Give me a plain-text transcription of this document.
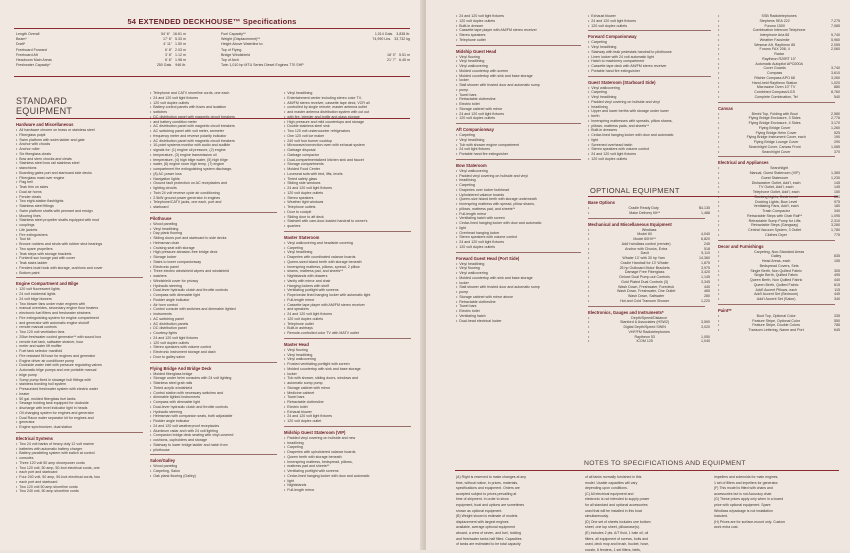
54 EXTENDED DECKHOUSE™ Specifications
Length Overall	54' 6" 16.61 m
Beam*	17' 6" 5.33 m
Draft*	4' 11" 1.50 m
Freeboard Forward	6' 8" 2.03 m
Freeboard Aft	3' 8" 1.12 m
Headroom Main Areas	6' 6" 1.98 m
Freshwater Capacity*	250 Gals. 946 ltr.
Fuel Capacity**	1,014 Gals. 3,838 ltr.
Weight (Displacement)**	74,990 Lbs. 33,732 kg
Height Above Waterline to:

Top of Flying

Bridge Windshield	18' 0" 5.51 m
Top of Arch	21' 7" 6.45 m
Twin 1,010 hp MTU Series Diesel Engines 770 SHP

STANDARD
EQUIPMENT
Hardware and Miscellaneous
• All hardware chrome on brass or stainless steel
• Fiberglass pulpit
• Swim platform with swim ladder and gate
• Anchor with chocks
• Anchor roller
• Six fiberglass cleats
• Bow and stern chocks and cleats
• Stainless steel bow rail stainless steel
• stanchions
• Boarding gates port and starboard side decks
• Fiberglass mast over engine
• Flag bell
• Teak trim on sides
• Dual air horns
• Fender cleats
• Two eight-station flashlights
• Stainless steel fittings
• Swim platform shafts with pennant and ensign
• Mooring lines
• Stainless steel propeller shafts equipped with mud
• couplings
• Life jackets
• Fire extinguishers
• Tool kit
• Bronze rudders and struts with rubber strut bearings
• Two spare propellers
• Teak steps with storage brackets
• Fonterdi sun lounge pad with cover
• Teak stairs ladder
• Fenders boat hook with storage, cushions and cover
• Bottom paint
Engine Compartment and Bilge
• 120 volt fluorescent lights
• 24 volt incidental lights
• 24 volt bilge blowers
• Two blower fans under main engines with
• manual overrides, secondary engine floor heaters
• electronic fuel filters and freshwater strainers
• Fire extinguishing system for engine compartment
• and generator with automatic engine shutoff
• remote manual controls
• Two 120 volt ventilation fans
• 20kw freshwater cooled generator** with sound box
• remote fuel tank, saltwater strainer, hour
• meter and water lift muffler
• Fuel tank selector manifold
• Fire resistant fill hose for engines and generator
• Engine driver air conditioner pump
• Dockside water inlet with pressure regulating valves
• Automatic bilge pumps and one portable manual
• bilge pump
• Sump pump fixed in stowage hull fittings with
• stainless bonding hull system
• Pressurized freshwater system with electric water
• heater
• 50 gal. molded fiberglass fuel tanks
• Sewage holding tank equipped for dockside
• discharge with level indicator light in heads
• Oil changing system for engines and generator
• Dual Racor water separator kit for engines and
• generator
• Engine synchronizer, dual station
Electrical Systems
• Two 24 volt banks of heavy duty 12 volt marine
• batteries with automatic battery charger
• Battery paralleling system with switch at control
• consoles
• Three 120 volt 50 amp shorepower cords
• Two 120 volt, 50 amp, 50-foot electrical cords, one
• each port and starboard
• Four 240 volt, 50 amp, 50-foot electrical cords, two
• each port and starboard
• Two 120 volt 50 amp shoreline cords
• Two 240 volt, 50 amp shoreline cords
• Telephone and CATV shoreline cords, one each
• 24 and 120 volt light fixtures
• 120 volt duplex outlets
• Battery control panels with fuses and isolation
• switches
• DC distribution panel with magnetic circuit breakers
• and battery condition meter
• AC distribution panel with magnetic circuit breakers
• AC switching panel with volt meter, ammeter
• frequency meter and reverse polarity indicator
• AC distribution panel with magnetic circuit breakers
• 10-point systems monitor with audio and audible
• signals for: (1) engine oil pressure, (2) engine
• temperature, (3) engine transmission oil
• temperature, (4) high bilge water, (5) high bilge
• water, (6) engine room high temp, (7) engine
• compartment fire extinguishing system discharge,
• (8) AC power loss
• Navigation lights
• Ground fault protection on AC receptacles and
• lighting circuits
• Twin 24 volt reverse cycle air conditioning
• 2.5kW ground power generator in engines
• Telephone/CATV jacks, one each, port and
• starboard
Pilothouse
• Wood paneling
• Vinyl headlining
• Day plank flooring
• Sliding doors port and starboard to side decks
• Helmsman chair
• Cruising seat with storage
• High pressure abrasion-free bridge deck
• Storage locker
• Stairs to lower companionway
• Electronic panel
• Three electric windshield wipers and windshield
• washers
• Windshield cover for privacy
• Hydraulic steering
• Dual-lever hydraulic clutch and throttle controls
• Compass with dimmable light
• Rudder angle indicator
• Air horn control
• Control console with switches and dimmable lighted
• instruments
• AC switching panel
• AC distribution panels
• DC distribution panel
• Courtesy lights
• 24 and 120 volt light fixtures
• 120 volt duplex outlets
• Stereo speakers with volume control
• Electronic instrument storage and dash
• Door to galley salon
Flying Bridge And Bridge Deck
• Molded fiberglass bridge
• Storage under helm consoles with 24 volt lighting
• Stainless steel grab rails
• Tinted acrylic windshield
• Control station with necessary switches and
• dimmable lighted instruments
• Compass with dimmable light
• Dual-lever hydraulic clutch and throttle controls
• Hydraulic steering
• Helmsman with companion seats, both adjustable
• Rudder angle indicator
• 24 and 120 volt weatherproof receptacles
• Aluminum radar arch with 24 volt lighting
• Companion bridge deck seating with vinyl-covered
• cushions, cupholders and storage
• Stairway to lower bridge ladder and hatch from
• pilothouse
Salon/Galley
• Wood paneling
• Carpeting, Salon
• Oak plank flooring (Galley)
• Vinyl headlining
• Entertainment center including stereo color TV,
• AM/FM stereo receiver, cassette tape deck, VCR all
• controlled by single remote; master antenna outlet
• and master antenna distribution system with cut out
• with fire, bleeder and bottle and glass storage
• High pressure and mild countertops and storage
• Double stainless steel sink
• Two 120 volt undercounter refrigerators
• One 120 volt ice maker
• 240 volt four burner cooktop
• Microwave/convection oven with exhaust system
• Garbage disposal
• Garbage compactor
• Dual-compartmentalized kitchen sink and faucet
• Storage compartments
• Molded Food Center
• Loveseat sofa with bed, lifts, levels
• Tinted safety glass
• Sliding side windows
• 24 and 120 volt light fixtures
• 120 volt duplex outlets
• Stereo speakers
• Weather tight windows
• Telephone outlets
• Door to cockpit
• Sliding door to aft deck
• Stairwell with cam-door-loaded handrail to owner's
• quarters
Master Stateroom
• Vinyl wallcovering and headside covering
• Carpeting
• Vinyl headlining
• Draperies with coordinated valance boards
• Queen-sized island berth with storage beneath
• Innerspring mattress, pillows, spread, 2 pillow
• shams, mattress pad, and sheets**
• Nightstands with drawers
• Vanity with mirror and chair
• Hanging lockers with shelf
• Ventilating portlight with screens
• Rope/cedar lined hanging locker with automatic light
• Full-length mirror
• Cassette tape player with AM/FM stereo receiver
• and speakers
• 24 and 120 volt light fixtures
• 120 volt duplex outlets
• Telephone outlet
• Built-in ashtrays
• Remote-controlled color TV with MATV outlet
Master Head
• Vinyl flooring
• Vinyl headlining
• Vinyl wallcovering
• Frosted ventilating portlight with screen
• Molded countertop with sink and base storage
• locker
• Tub with shower, sliding doors, windows and
• automatic sump pump
• Storage cabinet with mirror
• Medicine cabinet
• Towel bars
• Retractable clothesline
• Electric toilet
• Exhaust blower
• 24 and 120 volt light fixtures
• 120 volt duplex outlet
Midship Guest Stateroom (VIP)
• Padded vinyl covering on hullside and new
• headlining
• Carpeting
• Draperies with upholstered valance boards
• Queen berth with storage beneath
• Innerspring mattress, bedspread, pillows,
• mattress pad and sheets**
• Ventilating portlight with screens
• Cedar-lined hanging locker with door and automatic
• light
• Nightstands
• Full-length mirror
• 24 and 120 volt light fixtures
• 120 volt duplex outlets
• Built-in dresser
• Cassette tape player with AM/FM stereo receiver
• Stereo speakers
• Telephone outlet
Midship Guest Head
• Vinyl flooring
• Vinyl headlining
• Vinyl wallcovering
• Molded countertop with screen
• Molded countertop with sink and base storage
• locker
• Stall shower with frosted door and automatic sump
• pump
• Towel bars
• Retractable clothesline
• Electric toilet
• Storage cabinet with mirror
• 24 and 120 volt light fixtures
• 120 volt duplex outlets
Aft Companionway
• Carpeting
• Vinyl headlining
• Tub with shower engine compartment
• 24 volt light fixtures
• Portable hand fire extinguisher
Bow Stateroom
• Vinyl wallcovering
• Padded vinyl covering on hullside and vinyl
• headlining
• Carpeting
• Draperies over locker bulkhead
• Upholstered valance boards
• Queen-size island berth with storage underneath
• Innerspring mattress with spread, pillow shams,
• pillows, mattress pad, and sheets**
• Full-length mirror
• Ventilating hatch with screen
• Cedar-lined hanging locker with door and automatic
• light
• Overhead hanging locker
• Stereo speakers with volume control
• 24 and 120 volt light fixtures
• 120 volt duplex outlets
Forward Guest Head (Port Side)
• Vinyl headlining
• Vinyl flooring
• Vinyl wallcovering
• Molded countertop with sink and base storage
• locker
• Stall shower with frosted door and automatic sump
• pump
• Storage cabinet with mirror above
• Retractable clothesline
• Towel bars
• Electric toilet
• Ventilating hatch
• Dual-head electrical locker
• Exhaust blower
• 24 and 120 volt light fixtures
• 120 volt duplex outlets
Forward Companionway
• Carpeting
• Vinyl headlining
• Stairway with teak pedestals handrail to pilothouse
• Linen locker with 24 volt automatic light
• Hatch to machinery compartment
• Cassette tape deck with AM/FM stereo receiver
• Portable hand fire extinguisher
Guest Stateroom (Starboard Side)
• Vinyl wallcovering
• Carpeting
• Vinyl headlining
• Padded vinyl covering on hullside and vinyl
• headlining
• Upper and lower berths with storage under lower
• berth
• Innerspring mattresses with spreads, pillow shams,
• pillows, mattress pads, and sheets**
• Built-in dressers
• Cedar-lined hanging locker with door and automatic
• light
• Screened overhead hatch
• Stereo speakers with volume control
• 24 and 120 volt light fixtures
• 120 volt duplex outlets
OPTIONAL EQUIPMENT
Base Options
• Cradle Ready Duty	$4,135
• Make Delivery Kit**	1,488
Mechanical and Miscellaneous Equipment
• Windlass
• Model 60	4,040
• Model 60HV**	6,820
• Add'l windlass control (remote)	245
• Anchor with Chocks, Extra	518
• Davit	5,110
• Whaler 13' with 30 hp Yam	14,360
• Cradle Handrail for 13' Whaler	1,875
• 25 hp Outboard Motor Brackets	3,975
• Damage Free Fiberglass	3,420
• Deluxe Dual Pump-out Controls	1,145
• Gold Plated Dual Controls (3)	3,345
• Wash Down, Freshwater, Foredeck	440
• Wash Down, Freshwater, One Outlet	465
• Wash Down, Saltwater	280
• Hot and Cold Transom Shower	1,220
Electronics, Gauges and Instruments*
• Depth/Speed/Distance
• Stanford & Associates (HSW2)	3,590
• Digital Depth/Speed SWIN	3,020
• VHF/FM Radiotelephones
• Raytheon 53	1,050
• ICOM 125	1,040
• SSB Radiotelephones
• Stephens SEA 222	7,275
• Furuno 1500	7,085
• Combination Intercom Telephone
• Interphone Aria 66	5,740
• Weather Facsimile	5,960
• Wesmar Aft, Raytheon 85	2,055
• Furuno FAX 208, 4	2,060
• Radar
• Raytheon R20RT 10"
• Automatic Autopilot APO200A
• Cover Guards	3,740
• Compass	3,610
• Ritchie Compass APO 68	3,260
• Hand-held Raytheon Station	1,020
• Microwave Oven 10" TV	880
• Combined Compass/LGS	8,760
• Complete Combination, Tel	540
Canvas
• Bimini Top, Folding with Boot	2,580
• Flying Bridge Enclosure, 3 Sides	2,776
• Flying Bridge Enclosure, 4 Sides	3,170
• Flying Bridge Cover	1,260
• Flying Bridge Helm Cover	525
• Flying Bridge Instrument Cover, each	190
• Flying Bridge Lounge Cover	290
• Searchlight Cover, Canvas Front	1,085
• Searchlight Cover	370
Electrical and Appliances
• Searchlight
• Manual, Guest Stateroom (VIP)	1,365
• Guest Stateroom	1,230
• Dishwasher Outlet, Add'l, each	145
• TV Outlet, Add'l, each	145
• Telephone Outlet, Add'l, each	150
• Docking Lights, Deck Level	850
• Docking Lights, Bow Level	975
• Ventilating Fans, Add'l, each	180
• Trash Compactor	340
• Retractable Steps with Grab Rail**	1,095
• Retractable Sump Pump for Lifts	2,310
• Retractable Steps (Gangway)	3,280
• Central Vacuum System, 3 Outlet	1,780
• Clothes Dryer	775
Decor and Furnishings
• Carpeting, Non-Standard Areas
• Galley	835
• Head Areas, each	155
• Bedspread Covers, Sets
• Single Berth, Non Quilted Fabric	305
• Single Berth, Quilted Fabric	495
• Queen Berth, Non Quilted Fabric	440
• Queen Berth, Quilted Fabric	615
• Add'l Accent Pillows, each	115
• Add'l Accent Set (Bedroom)	445
• Add'l Accent Set (Salon)	340
Paint**
• Boot Top, Optional Color	335
• Feature Stripe, Optional Color	550
• Feature Stripe, Double Colors	785
• Transom Lettering, Name and Port	645
NOTES TO SPECIFICATIONS AND EQUIPMENT

(A) Right is reserved to make changes at any

time, without notice, in prices, materials,

specifications and equipment. Orders are

accepted subject to prices prevailing at

time of shipment. In order to show

equipment, boat and options are sometimes

shown as optional equipment.

(B) Weight shown is estimate of models

displacement with largest engines

available, average optional equipment

aboard, a crew of seven, and fuel, holding

and freshwater tanks half filled. Capacities

of tanks are estimated to be total capacity

of all tanks normally furnished in this

model. Usable capacities will vary

depending upon conditions.

(C) All electrical equipment and

electronic is not intended to supply power

for all standard and optional accessories

used that will be installed in this boat

simultaneously.

(D) One set of sheets includes one bottom

sheet, one top sheet, pillowcase(s).

(E) Includes 2 pts. A/T fluid, 1 bale oil, oil

filters, all equipment of screws, bolts and

used, deck mop and brush, bucket, hose,

nozzle, 6 fenders, 1 set filters, belts,

impellers and solenoids for main engines,

1 set of filters and impellers for generator.

(F) This model is fitted with chairs and

accessories but is not Accuracy chair.

(G) These prices apply only when in a boxed

price with optional equipment. Spare

Windlass w/package is not installation

included.

(H) Prices are for surface-mount only. Custom

work extra cost.
